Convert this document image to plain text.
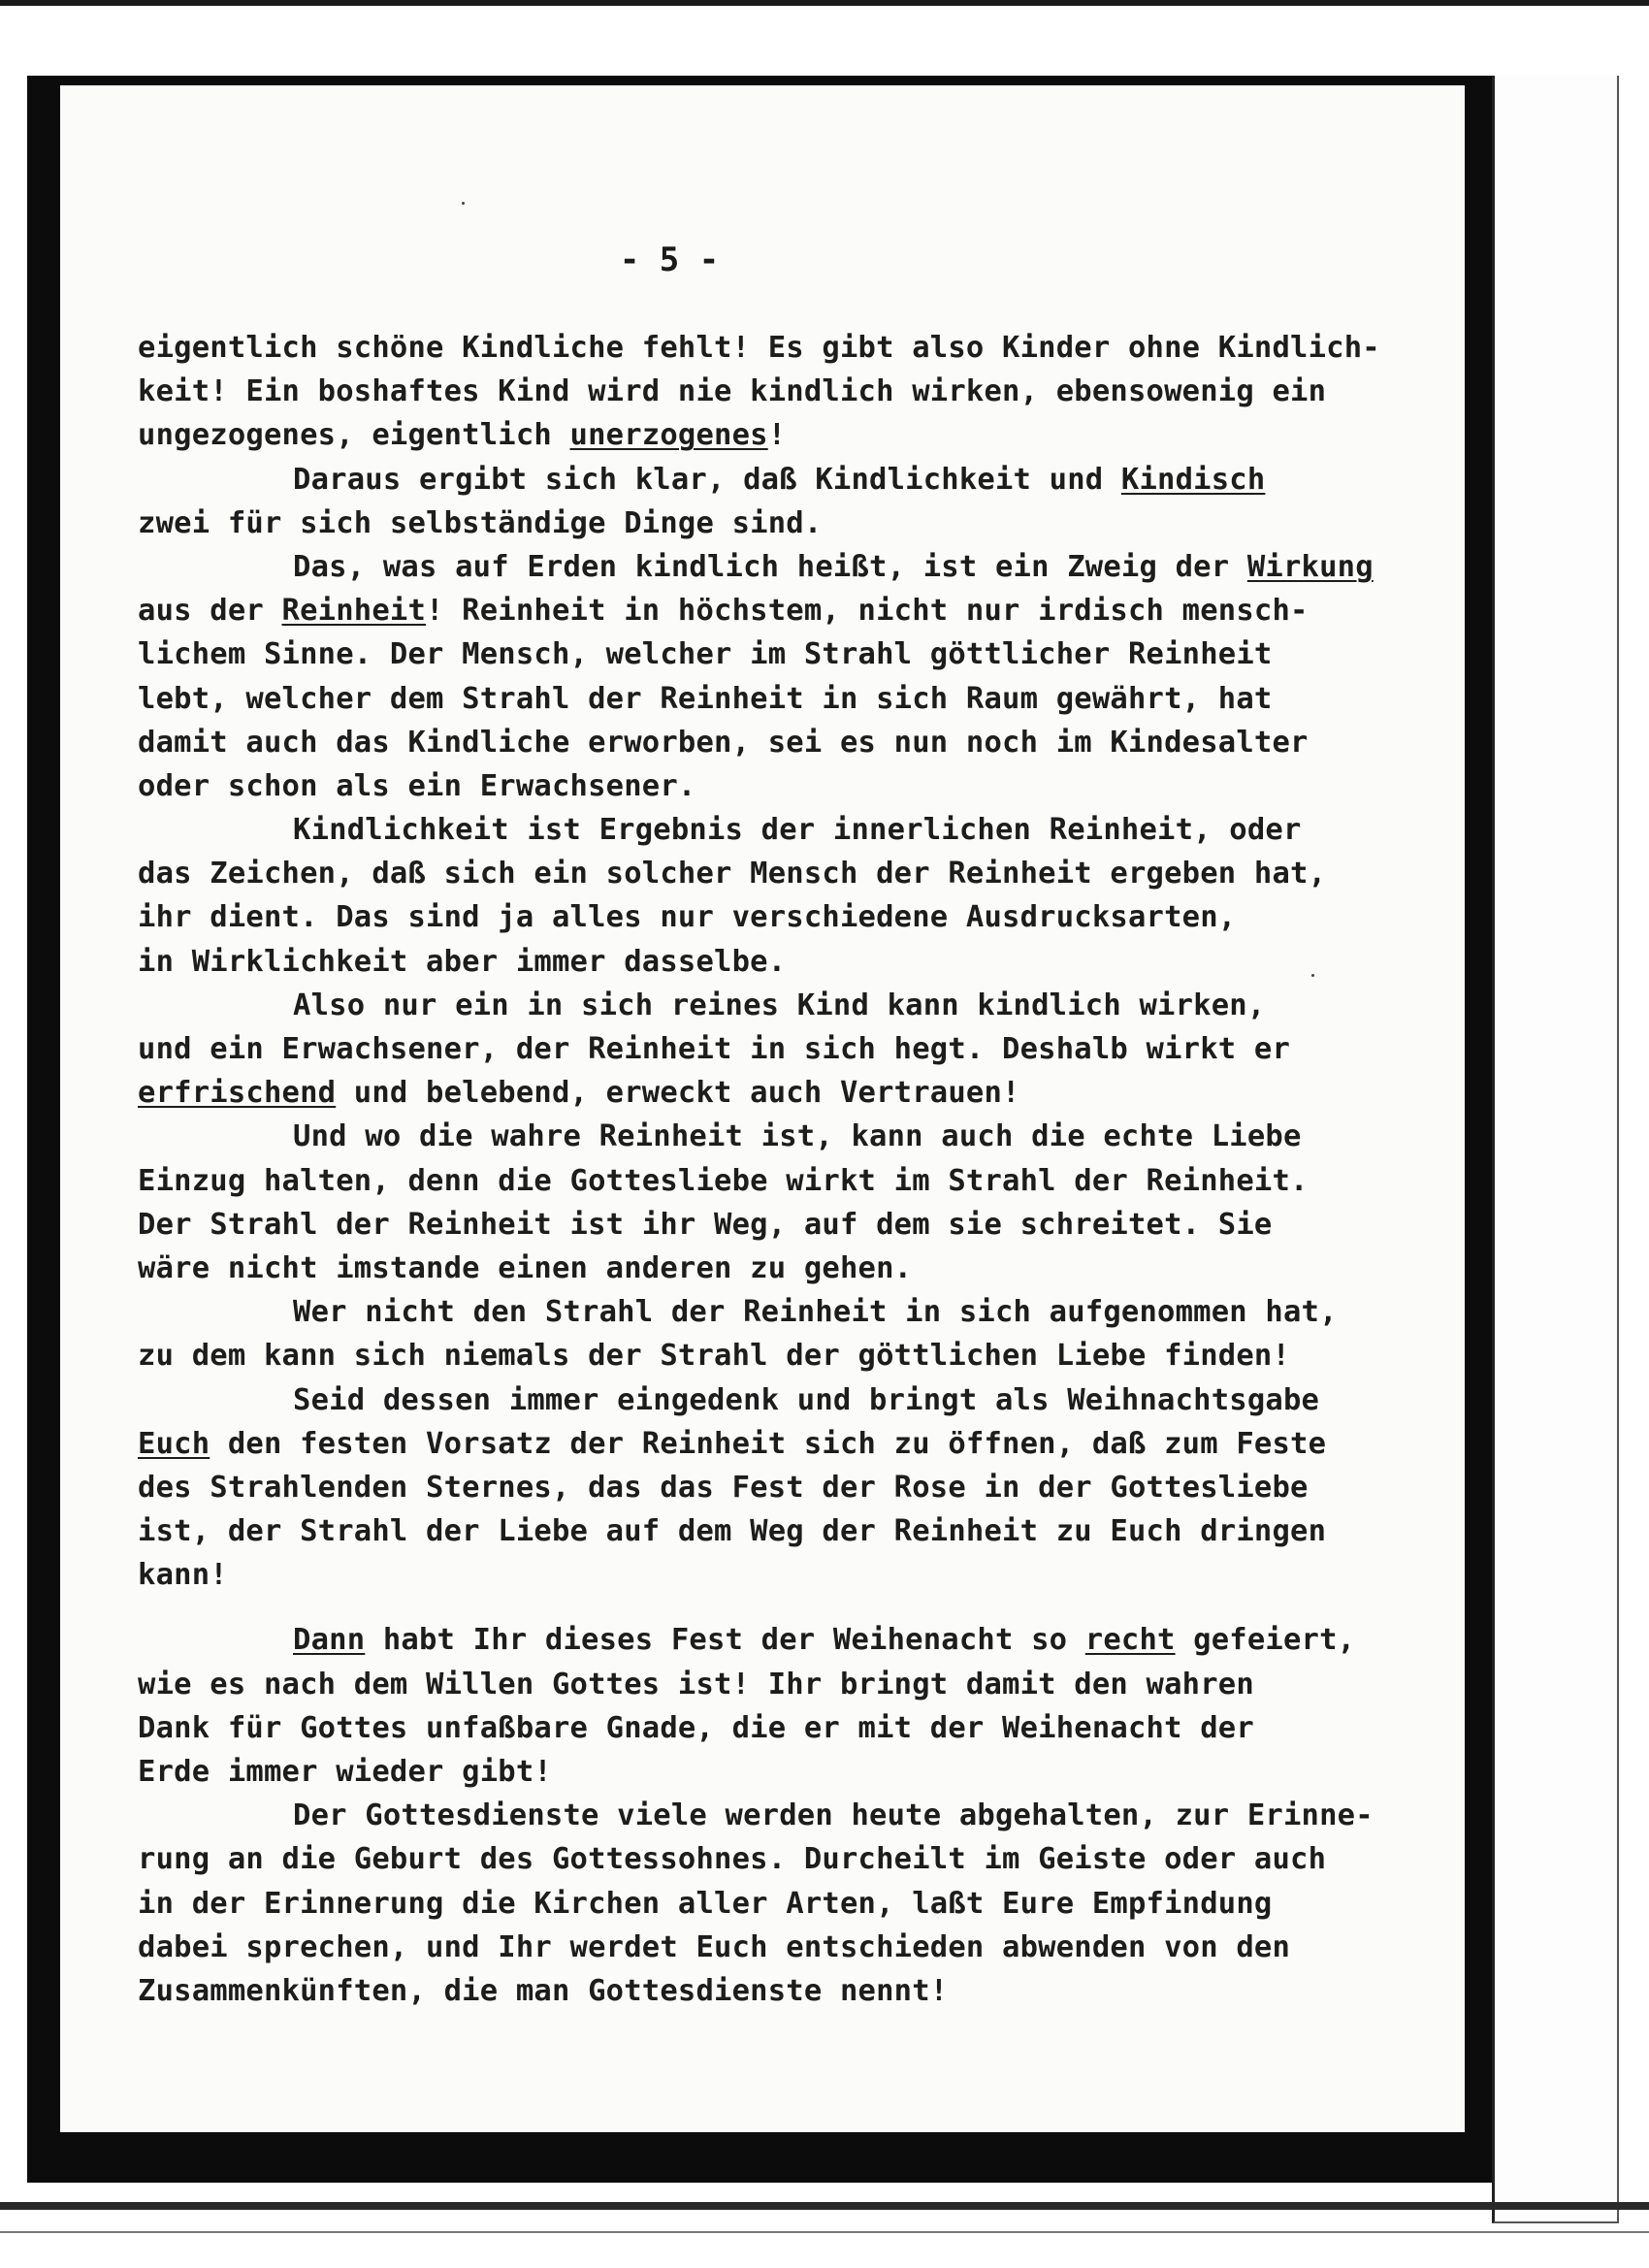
- 5 -
eigentlich schöne Kindliche fehlt! Es gibt also Kinder ohne Kindlich-
keit! Ein boshaftes Kind wird nie kindlich wirken, ebensowenig ein
ungezogenes, eigentlich unerzogenes!
Daraus ergibt sich klar, daß Kindlichkeit und Kindisch
zwei für sich selbständige Dinge sind.
Das, was auf Erden kindlich heißt, ist ein Zweig der Wirkung
aus der Reinheit! Reinheit in höchstem, nicht nur irdisch mensch-
lichem Sinne. Der Mensch, welcher im Strahl göttlicher Reinheit
lebt, welcher dem Strahl der Reinheit in sich Raum gewährt, hat
damit auch das Kindliche erworben, sei es nun noch im Kindesalter
oder schon als ein Erwachsener.
Kindlichkeit ist Ergebnis der innerlichen Reinheit, oder
das Zeichen, daß sich ein solcher Mensch der Reinheit ergeben hat,
ihr dient. Das sind ja alles nur verschiedene Ausdrucksarten,
in Wirklichkeit aber immer dasselbe.
Also nur ein in sich reines Kind kann kindlich wirken,
und ein Erwachsener, der Reinheit in sich hegt. Deshalb wirkt er
erfrischend und belebend, erweckt auch Vertrauen!
Und wo die wahre Reinheit ist, kann auch die echte Liebe
Einzug halten, denn die Gottesliebe wirkt im Strahl der Reinheit.
Der Strahl der Reinheit ist ihr Weg, auf dem sie schreitet. Sie
wäre nicht imstande einen anderen zu gehen.
Wer nicht den Strahl der Reinheit in sich aufgenommen hat,
zu dem kann sich niemals der Strahl der göttlichen Liebe finden!
Seid dessen immer eingedenk und bringt als Weihnachtsgabe
Euch den festen Vorsatz der Reinheit sich zu öffnen, daß zum Feste
des Strahlenden Sternes, das das Fest der Rose in der Gottesliebe
ist, der Strahl der Liebe auf dem Weg der Reinheit zu Euch dringen
kann!
Dann habt Ihr dieses Fest der Weihenacht so recht gefeiert,
wie es nach dem Willen Gottes ist! Ihr bringt damit den wahren
Dank für Gottes unfaßbare Gnade, die er mit der Weihenacht der
Erde immer wieder gibt!
Der Gottesdienste viele werden heute abgehalten, zur Erinne-
rung an die Geburt des Gottessohnes. Durcheilt im Geiste oder auch
in der Erinnerung die Kirchen aller Arten, laßt Eure Empfindung
dabei sprechen, und Ihr werdet Euch entschieden abwenden von den
Zusammenkünften, die man Gottesdienste nennt!
